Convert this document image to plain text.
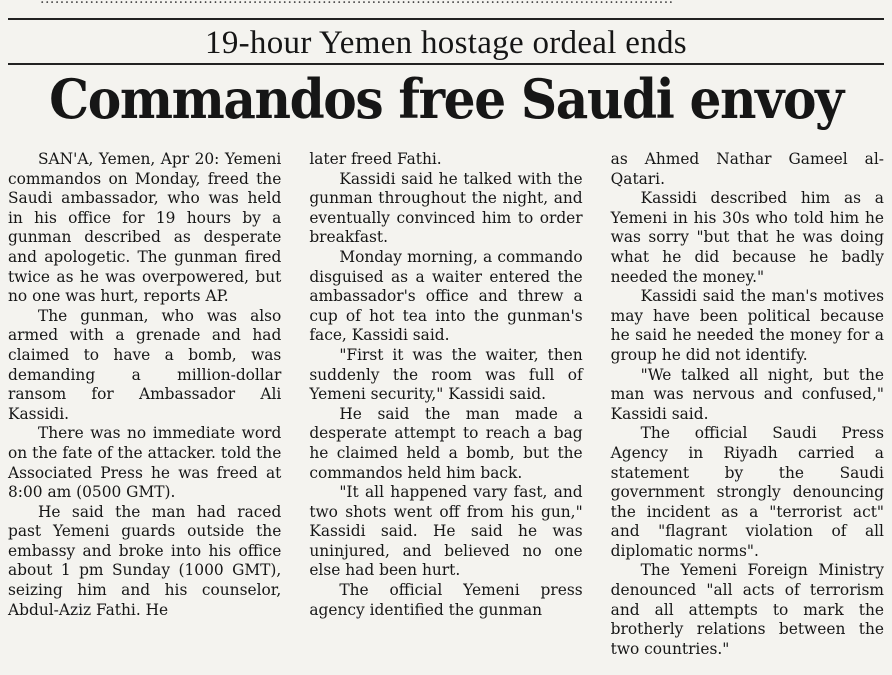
19-hour Yemen hostage ordeal ends
Commandos free Saudi envoy

SAN'A, Yemen, Apr 20: Yemeni commandos on Monday, freed the Saudi ambassador, who was held in his office for 19 hours by a gunman described as desperate and apologetic. The gunman fired twice as he was overpowered, but no one was hurt, reports AP.

The gunman, who was also armed with a grenade and had claimed to have a bomb, was demanding a million-dollar ransom for Ambassador Ali Kassidi.

There was no immediate word on the fate of the attacker. told the Associated Press he was freed at 8:00 am (0500 GMT).

He said the man had raced past Yemeni guards outside the embassy and broke into his office about 1 pm Sunday (1000 GMT), seizing him and his counselor, Abdul-Aziz Fathi. He

later freed Fathi.

Kassidi said he talked with the gunman throughout the night, and eventually convinced him to order breakfast.

Monday morning, a commando disguised as a waiter entered the ambassador's office and threw a cup of hot tea into the gunman's face, Kassidi said.

"First it was the waiter, then suddenly the room was full of Yemeni security," Kassidi said.

He said the man made a desperate attempt to reach a bag he claimed held a bomb, but the commandos held him back.

"It all happened vary fast, and two shots went off from his gun," Kassidi said. He said he was uninjured, and believed no one else had been hurt.

The official Yemeni press agency identified the gunman

as Ahmed Nathar Gameel al-Qatari.

Kassidi described him as a Yemeni in his 30s who told him he was sorry "but that he was doing what he did because he badly needed the money."

Kassidi said the man's motives may have been political because he said he needed the money for a group he did not identify.

"We talked all night, but the man was nervous and confused," Kassidi said.

The official Saudi Press Agency in Riyadh carried a statement by the Saudi government strongly denouncing the incident as a "terrorist act" and "flagrant violation of all diplomatic norms".

The Yemeni Foreign Ministry denounced "all acts of terrorism and all attempts to mark the brotherly relations between the two countries."
